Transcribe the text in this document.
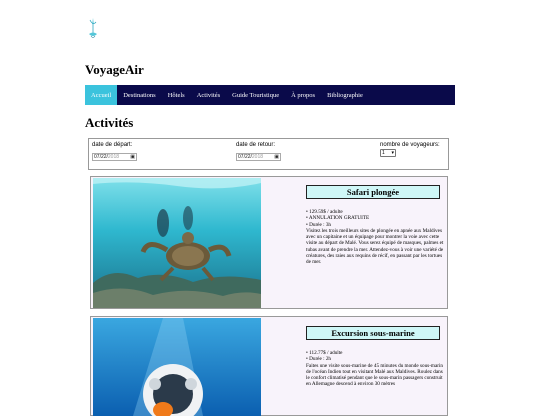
VoyageAir
Accueil	Destinations	Hôtels	Activités	Guide Touristique	À propos	Bibliographie
Activités
date de départ:
07/22/2018 ▣
date de retour:
07/22/2018 ▣
nombre de voyageurs:
1 ▾
Safari plongée

• 129.59$ / adulte

• ANNULATION GRATUITE

• Durée : 3h

Visitez les trois meilleurs sites de plongée en apnée aux Maldives avec un capitaine et un équipage pour montrer la voie avec cette visite au départ de Malé. Vous serez équipé de masques, palmes et tubas avant de prendre la mer. Attendez-vous à voir une variété de créatures, des raies aux requins de récif, en passant par les tortues de mer.

Excursion sous-marine

• 112.77$ / adulte

• Durée : 2h

Faites une visite sous-marine de 45 minutes du monde sous-marin de l'océan Indien tout en visitant Malé aux Maldives. Roulez dans le confort climatisé pendant que le sous-marin passagers construit en Allemagne descend à environ 30 mètres
